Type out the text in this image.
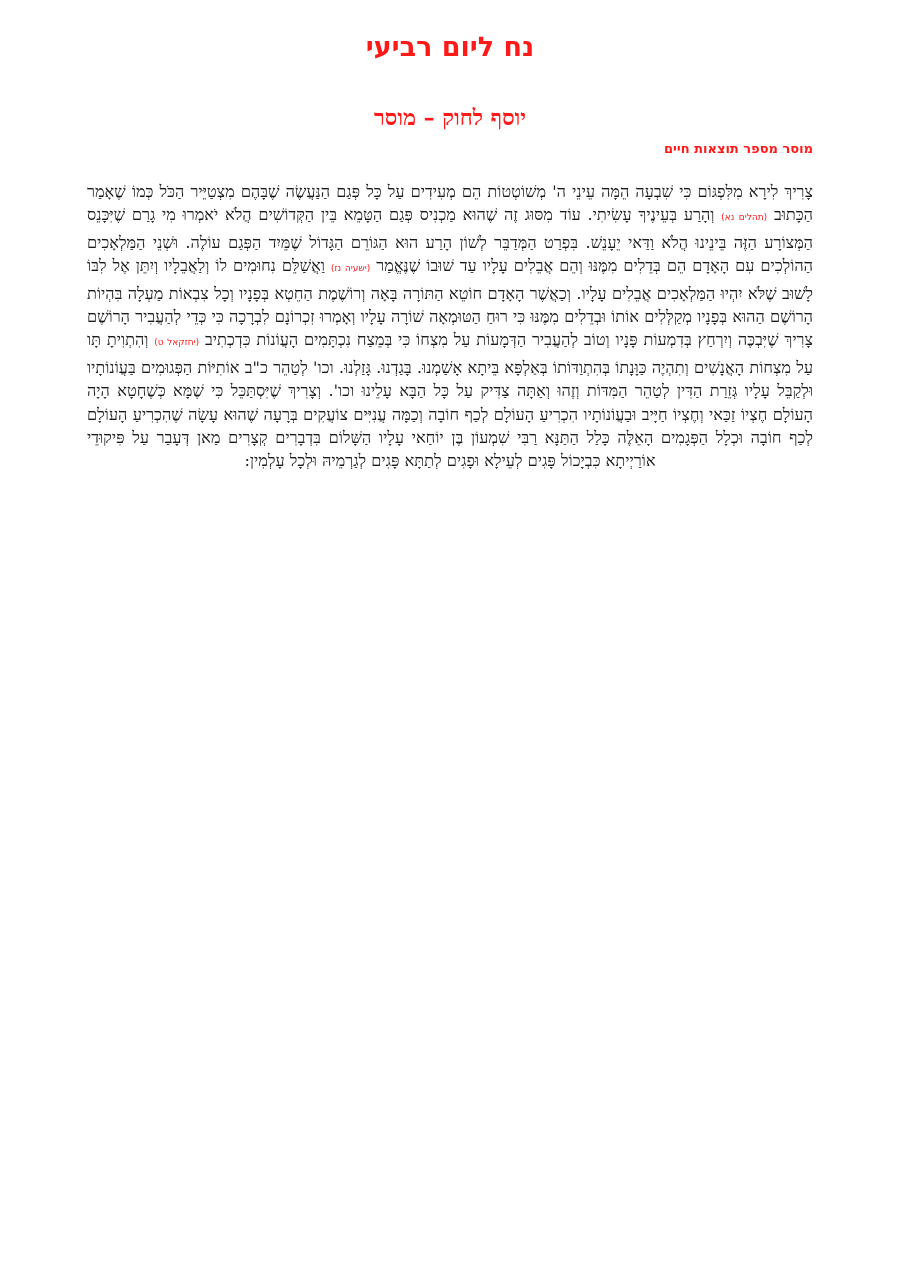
נח ליום רביעי
יוסף לחוק – מוסר
מוסר מספר תוצאות חיים

צָרִיךְ לִירָא מִלִּפְגּוֹם כִּי שִׁבְעָה הֵמָּה עֵינֵי ה' מְשׁוֹטְטוֹת הֵם מְעִידִים עַל כָּל פְּגַם הַנַּעֲשֶׂה שֶׁבָּהֶם מִצְטַיֵּיר הַכֹּל כְּמוֹ שֶׁאָמַר הַכָּתוּב (תהלים נא) וְהָרַע בְּעֵינֶיךָ עָשִׂיתִי. עוֹד מִסּוּג זֶה שֶׁהוּא מַכְנִיס פְּגַם הַטָּמֵא בֵּין הַקְּדוֹשִׁים הֲלֹא יֹאמְרוּ מִי גָרַם שֶׁיִּכָּנֵס הַמְּצוֹרָע הַזֶּה בֵּינֵינוּ הֲלֹא וַדַּאי יֵעָנֵשׁ. בִּפְרַט הַמְּדַבֵּר לְשׁוֹן הָרַע הוּא הַגּוֹרֵם הַגָּדוֹל שֶׁמֵּיִד הַפְּגַם עוֹלֶה. וּשְׁנֵי הַמַּלְאָכִים הַהוֹלְכִים עִם הָאָדָם הֵם בְּדֵלִים מִמֶּנּוּ וְהֵם אֲבֵלִים עָלָיו עַד שׁוּבוֹ שֶׁנֶּאֱמַר (ישעיה נז) וַאֲשַׁלֵּם נִחוּמִים לוֹ וְלַאֲבֵלָיו וְיִתֵּן אֶל לִבּוֹ לָשׁוּב שֶׁלֹּא יִהְיוּ הַמַּלְאָכִים אֲבֵלִים עָלָיו. וְכַאֲשֶׁר הָאָדָם חוֹטֵא הַתּוֹרָה בָּאָה וְרוֹשֶׁמֶת הַחֵטְא בְּפָנָיו וְכָל צִבְאוֹת מַעְלָה בִּהְיוֹת הָרוֹשֶׁם הַהוּא בְּפָנָיו מְקַלְּלִים אוֹתוֹ וּבְדֵלִים מִמֶּנּוּ כִּי רוּחַ הַטּוּמְאָה שׁוֹרָה עָלָיו וְאָמְרוּ זִכְרוֹנָם לִבְרָכָה כִּי כְּדֵי לְהַעֲבִיר הָרוֹשֶׁם צָרִיךְ שֶׁיִּבְכֶּה וְיִרְחַץ בְּדִמְעוֹת פָּנָיו וְטוֹב לְהַעֲבִיר הַדְּמָעוֹת עַל מִצְחוֹ כִּי בְּמֵצַח נִכְתָּמִים הָעֲוֹנוֹת כִּדְכְתִיב (יחזקאל ט) וְהִתְוִיתָ תָּו עַל מִצְחוֹת הָאֲנָשִׁים וְתִהְיֶה כַּוָּנָתוֹ בְּהִתְוַדּוֹתוֹ בְּאַלְפָּא בֵּיתָא אָשַׁמְנוּ. בָּגַדְנוּ. גָּזַלְנוּ. וכו' לְטַהֵר כ"ב אוֹתִיּוֹת הַפְּגוּמִים בַּעֲוֹנוֹתָיו וּלְקַבֵּל עָלָיו גְּזֵרַת הַדִּין לְטַהֵר הַמִּדּוֹת וְזֶהוּ וְאַתָּה צַדִּיק עַל כָּל הַבָּא עָלֵינוּ וכו'. וְצָרִיךְ שֶׁיִּסְתַּכֵּל כִּי שֶׁמָּא כְּשֶׁחָטָא הָיָה הָעוֹלָם חֶצְיוֹ זַכַּאי וְחֶצְיוֹ חַיָּיב וּבַעֲוֹנוֹתָיו הִכְרִיעַ הָעוֹלָם לְכַף חוֹבָה וְכַמָּה עֲנִיִּים צוֹעֲקִים בְּרָעָה שֶׁהוּא עָשָׂה שֶׁהִכְרִיעַ הָעוֹלָם לְכַף חוֹבָה וּכְלָל הַפְּגָמִים הָאֵלֶּה כָּלַל הַתַּנָּא רַבִּי שִׁמְעוֹן בֶּן יוֹחַאי עָלָיו הַשָּׁלוֹם בִּדְבָרִים קְצָרִים מַאן דְּעָבַר עַל פִּיקוּדֵי אוֹרַיְיתָא כִּבְיָכוֹל פָּגִים לְעֵילָא וּפָגִים לְתַתָּא פָּגִים לְגַרְמֵיהּ וּלְכָל עָלְמִין:
